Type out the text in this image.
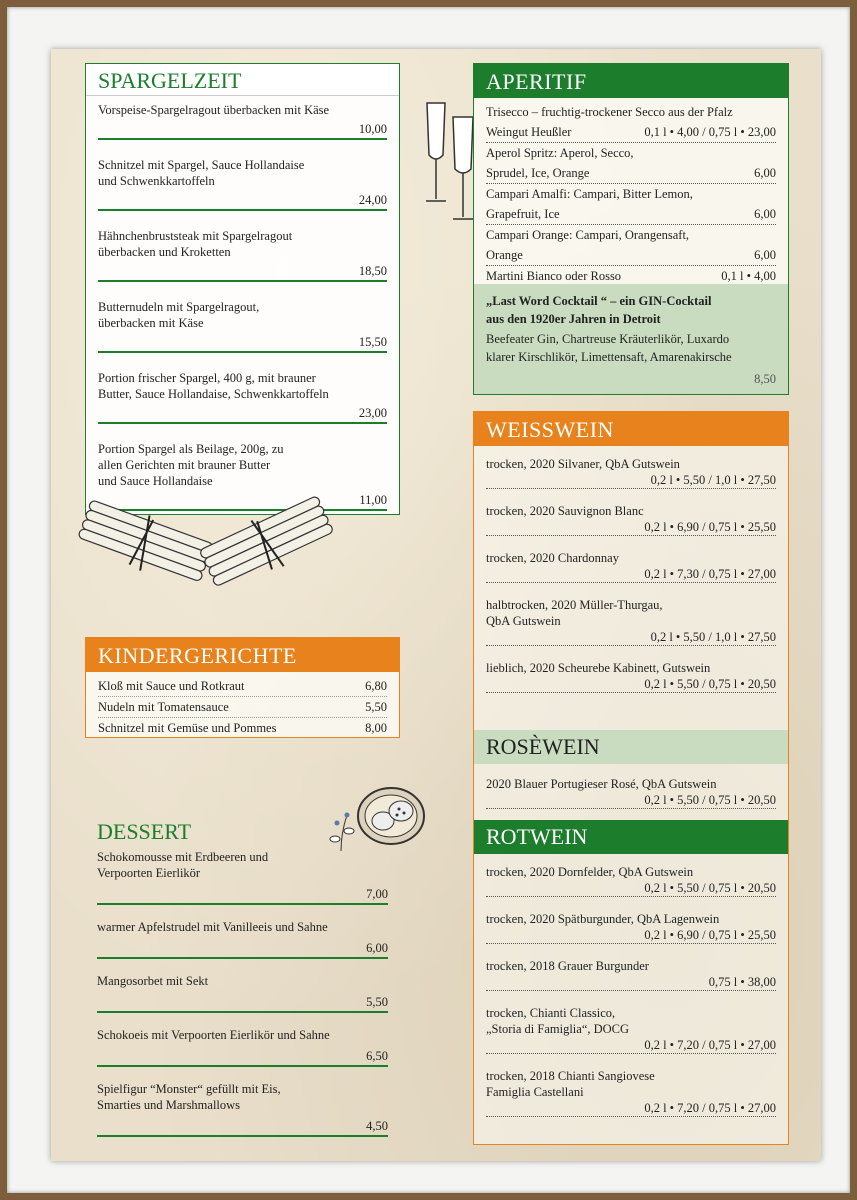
SPARGELZEIT
Vorspeise-Spargelragout überbacken mit Käse
10,00
Schnitzel mit Spargel, Sauce Hollandaise
und Schwenkkartoffeln
24,00
Hähnchenbruststeak mit Spargelragout
überbacken und Kroketten
18,50
Butternudeln mit Spargelragout,
überbacken mit Käse
15,50
Portion frischer Spargel, 400 g, mit brauner
Butter, Sauce Hollandaise, Schwenkkartoffeln
23,00
Portion Spargel als Beilage, 200g, zu
allen Gerichten mit brauner Butter
und Sauce Hollandaise
11,00
KINDERGERICHTE
Kloß mit Sauce und Rotkraut	6,80
Nudeln mit Tomatensauce	5,50
Schnitzel mit Gemüse und Pommes	8,00
DESSERT
Schokomousse mit Erdbeeren und
Verpoorten Eierlikör
7,00
warmer Apfelstrudel mit Vanilleeis und Sahne
6,00
Mangosorbet mit Sekt
5,50
Schokoeis mit Verpoorten Eierlikör und Sahne
6,50
Spielfigur “Monster“ gefüllt mit Eis,
Smarties und Marshmallows
4,50
APERITIF
Trisecco – fruchtig-trockener Secco aus der Pfalz
Weingut Heußler	0,1 l • 4,00 / 0,75 l • 23,00
Aperol Spritz: Aperol, Secco,
Sprudel, Ice, Orange	6,00
Campari Amalfi: Campari, Bitter Lemon,
Grapefruit, Ice	6,00
Campari Orange: Campari, Orangensaft,
Orange	6,00
Martini Bianco oder Rosso	0,1 l • 4,00
„Last Word Cocktail “ – ein GIN-Cocktail
aus den 1920er Jahren in Detroit
Beefeater Gin, Chartreuse Kräuterlikör, Luxardo
klarer Kirschlikör, Limettensaft, Amarenakirsche
8,50
WEISSWEIN
trocken, 2020 Silvaner, QbA Gutswein
0,2 l • 5,50 / 1,0 l • 27,50
trocken, 2020 Sauvignon Blanc
0,2 l • 6,90 / 0,75 l • 25,50
trocken, 2020 Chardonnay
0,2 l • 7,30 / 0,75 l • 27,00
halbtrocken, 2020 Müller-Thurgau,
QbA Gutswein
0,2 l • 5,50 / 1,0 l • 27,50
lieblich, 2020 Scheurebe Kabinett, Gutswein
0,2 l • 5,50 / 0,75 l • 20,50
ROSÈWEIN
2020 Blauer Portugieser Rosé, QbA Gutswein
0,2 l • 5,50 / 0,75 l • 20,50
ROTWEIN
trocken, 2020 Dornfelder, QbA Gutswein
0,2 l • 5,50 / 0,75 l • 20,50
trocken, 2020 Spätburgunder, QbA Lagenwein
0,2 l • 6,90 / 0,75 l • 25,50
trocken, 2018 Grauer Burgunder
0,75 l • 38,00
trocken, Chianti Classico,
„Storia di Famiglia“, DOCG
0,2 l • 7,20 / 0,75 l • 27,00
trocken, 2018 Chianti Sangiovese
Famiglia Castellani
0,2 l • 7,20 / 0,75 l • 27,00
